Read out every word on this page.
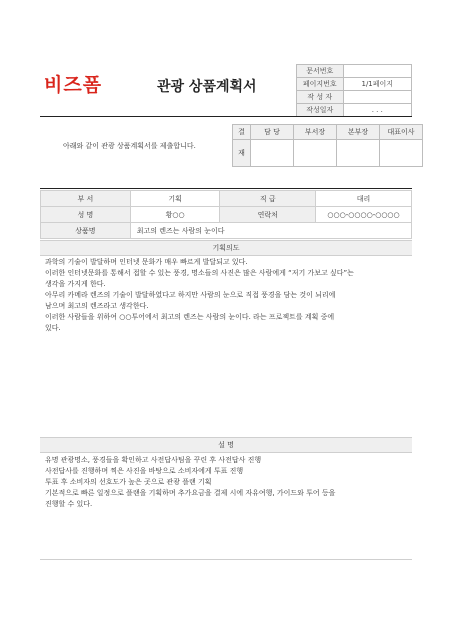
비즈폼	관광 상품계획서
문서번호	
페이지번호	1/1페이지
작 성 자	
작성일자	. . .
아래와 같이 관광 상품계획서를 제출합니다.
결	담 당	부서장	본부장	대표이사
재				
부 서	기획	직 급	대리
성 명	황○○	연락처	○○○-○○○○-○○○○
상품명	최고의 렌즈는 사람의 눈이다		
기획의도
과학의 기술이 발달하며 인터넷 문화가 매우 빠르게 발달되고 있다.
이러한 인터넷문화를 통해서 접할 수 있는 풍경, 명소들의 사진은 많은 사람에게 “저기 가보고 싶다”는
생각을 가지게 한다.
아무리 카메라 렌즈의 기술이 발달하였다고 하지만 사람의 눈으로 직접 풍경을 담는 것이 뇌리에
남으며 최고의 렌즈라고 생각한다.
이러한 사람들을 위하여 ○○투어에서 최고의 렌즈는 사람의 눈이다. 라는 프로젝트를 계획 중에
있다.
설 명
유명 관광명소, 풍경들을 확인하고 사전답사팀을 꾸린 후 사전답사 진행
사전답사를 진행하며 찍은 사진을 바탕으로 소비자에게 투표 진행
투표 후 소비자의 선호도가 높은 곳으로 관광 플랜 기획
기본적으로 빠른 일정으로 플랜을 기획하며 추가요금을 결제 시에 자유여행, 가이드와 투어 등을
진행할 수 있다.
